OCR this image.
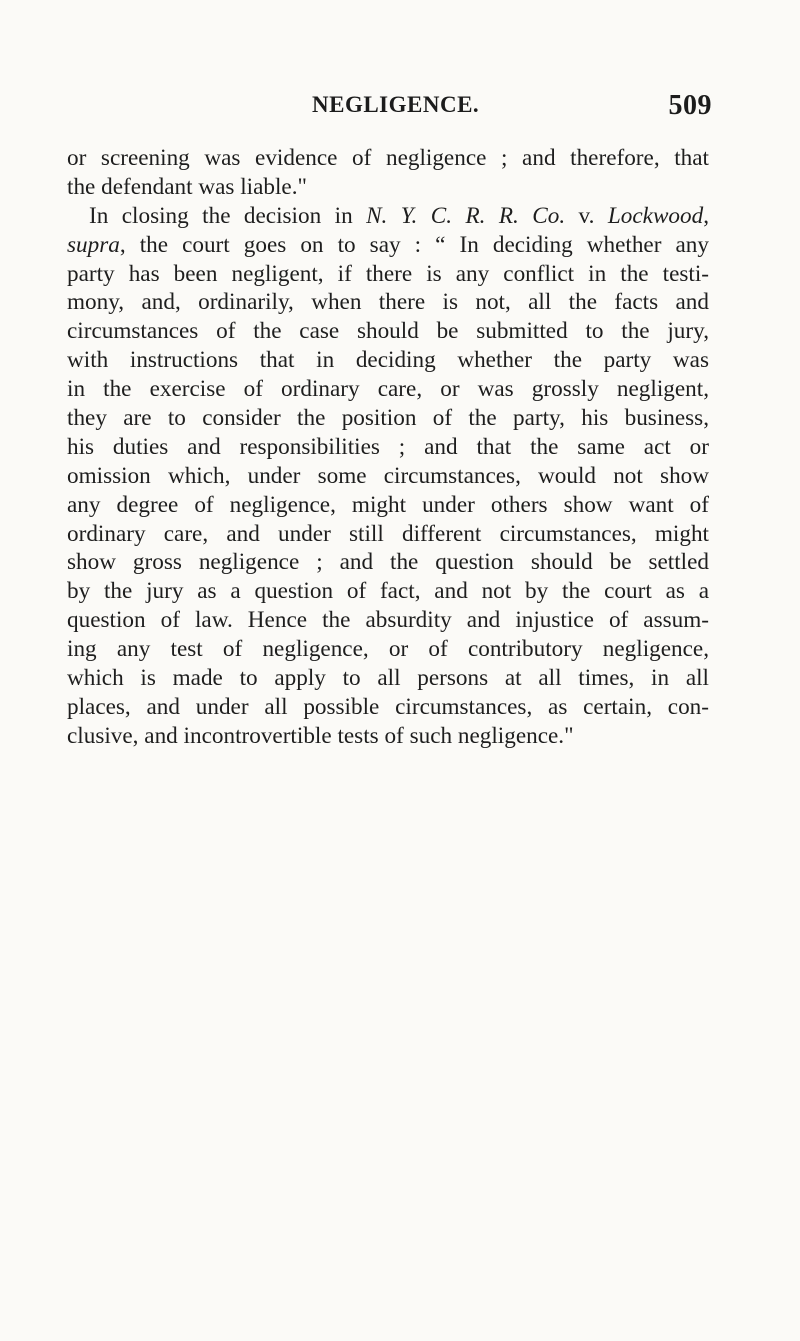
NEGLIGENCE.	509
or screening was evidence of negligence ; and therefore, that
the defendant was liable."
In closing the decision in N. Y. C. R. R. Co. v. Lockwood,
supra, the court goes on to say : “ In deciding whether any
party has been negligent, if there is any conflict in the testi-
mony, and, ordinarily, when there is not, all the facts and
circumstances of the case should be submitted to the jury,
with instructions that in deciding whether the party was
in the exercise of ordinary care, or was grossly negligent,
they are to consider the position of the party, his business,
his duties and responsibilities ; and that the same act or
omission which, under some circumstances, would not show
any degree of negligence, might under others show want of
ordinary care, and under still different circumstances, might
show gross negligence ; and the question should be settled
by the jury as a question of fact, and not by the court as a
question of law. Hence the absurdity and injustice of assum-
ing any test of negligence, or of contributory negligence,
which is made to apply to all persons at all times, in all
places, and under all possible circumstances, as certain, con-
clusive, and incontrovertible tests of such negligence."
